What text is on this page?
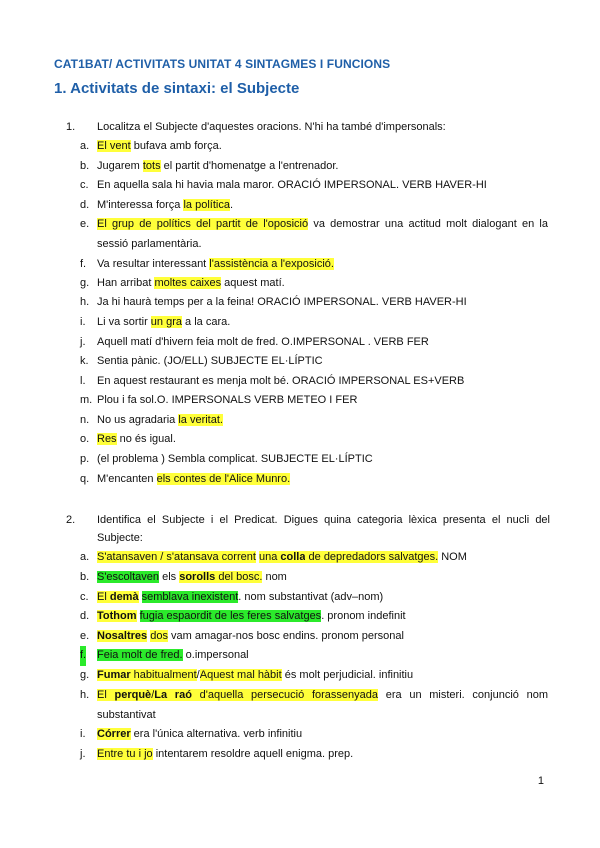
CAT1BAT/ ACTIVITATS UNITAT 4 SINTAGMES I FUNCIONS
1. Activitats de sintaxi: el Subjecte
1. Localitza el Subjecte d'aquestes oracions. N'hi ha també d'impersonals:
a. El vent bufava amb força.
b. Jugarem tots el partit d'homenatge a l'entrenador.
c. En aquella sala hi havia mala maror. ORACIÓ IMPERSONAL. VERB HAVER-HI
d. M'interessa força la política.
e. El grup de polítics del partit de l'oposició va demostrar una actitud molt dialogant en la sessió parlamentària.
f. Va resultar interessant l'assistència a l'exposició.
g. Han arribat moltes caixes aquest matí.
h. Ja hi haurà temps per a la feina! ORACIÓ IMPERSONAL. VERB HAVER-HI
i. Li va sortir un gra a la cara.
j. Aquell matí d'hivern feia molt de fred. O.IMPERSONAL . VERB FER
k. Sentia pànic. (JO/ELL) SUBJECTE EL·LÍPTIC
l. En aquest restaurant es menja molt bé. ORACIÓ IMPERSONAL ES+VERB
m. Plou i fa sol.O. IMPERSONALS VERB METEO I FER
n. No us agradaria la veritat.
o. Res no és igual.
p. (el problema ) Sembla complicat. SUBJECTE EL·LÍPTIC
q. M'encanten els contes de l'Alice Munro.
2. Identifica el Subjecte i el Predicat. Digues quina categoria lèxica presenta el nucli del Subjecte:
a. S'atansaven / s'atansava corrent una colla de depredadors salvatges. NOM
b. S'escoltaven els sorolls del bosc. nom
c. El demà semblava inexistent. nom substantivat (adv–nom)
d. Tothom fugia espaordit de les feres salvatges. pronom indefinit
e. Nosaltres dos vam amagar-nos bosc endins. pronom personal
f. Feia molt de fred. o.impersonal
g. Fumar habitualment/Aquest mal hàbit és molt perjudicial. infinitiu
h. El perquè/La raó d'aquella persecució forassenyada era un misteri. conjunció nom substantivat
i. Córrer era l'única alternativa. verb infinitiu
j. Entre tu i jo intentarem resoldre aquell enigma. prep.
1
